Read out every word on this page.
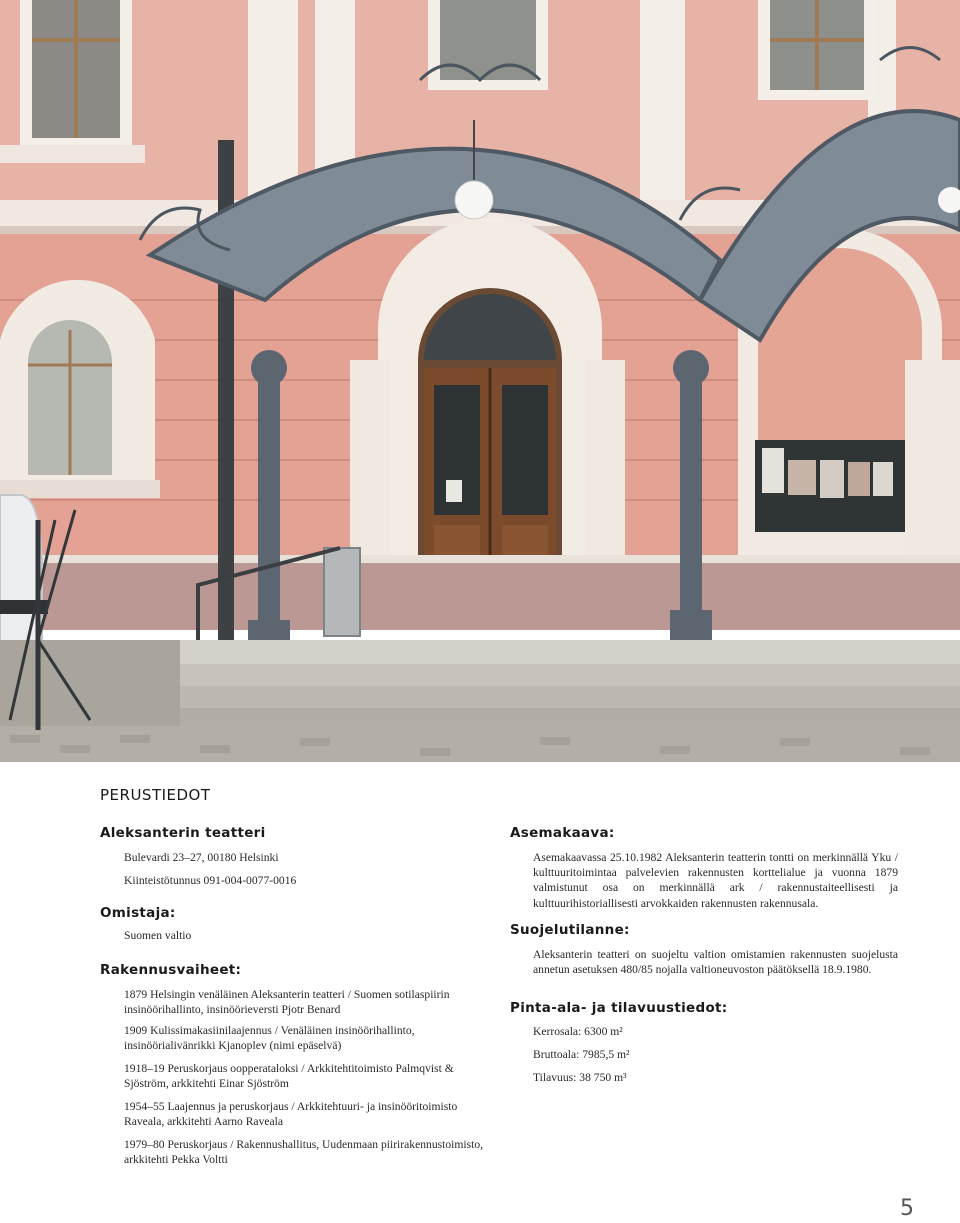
PERUSTIEDOT
Aleksanterin teatteri

Bulevardi 23–27, 00180 Helsinki

Kiinteistötunnus 091-004-0077-0016

Omistaja:

Suomen valtio

Rakennusvaiheet:

1879 Helsingin venäläinen Aleksanterin teatteri / Suomen sotilaspiirin insinöörihallinto, insinöörieversti Pjotr Benard

1909 Kulissimakasiinilaajennus / Venäläinen insinöörihallinto, insinöörialivänrikki Kjanoplev (nimi epäselvä)

1918–19 Peruskorjaus oopperataloksi / Arkkitehtitoimisto Palmqvist & Sjöström, arkkitehti Einar Sjöström

1954–55 Laajennus ja peruskorjaus / Arkkitehtuuri- ja insinööritoimisto Raveala, arkkitehti Aarno Raveala

1979–80 Peruskorjaus / Rakennushallitus, Uudenmaan piirirakennustoimisto, arkkitehti Pekka Voltti

Asemakaava:

Asemakaavassa 25.10.1982 Aleksanterin teatterin tontti on merkinnällä Yku / kulttuuritoimintaa palvelevien rakennusten korttelialue ja vuonna 1879 valmistunut osa on merkinnällä ark / rakennustaiteellisesti ja kulttuurihistoriallisesti arvokkaiden rakennusten rakennusala.

Suojelutilanne:

Aleksanterin teatteri on suojeltu valtion omistamien rakennusten suojelusta annetun asetuksen 480/85 nojalla valtioneuvoston päätöksellä 18.9.1980.

Pinta-ala- ja tilavuustiedot:

Kerrosala: 6300 m²

Bruttoala: 7985,5 m²

Tilavuus: 38 750 m³

5
